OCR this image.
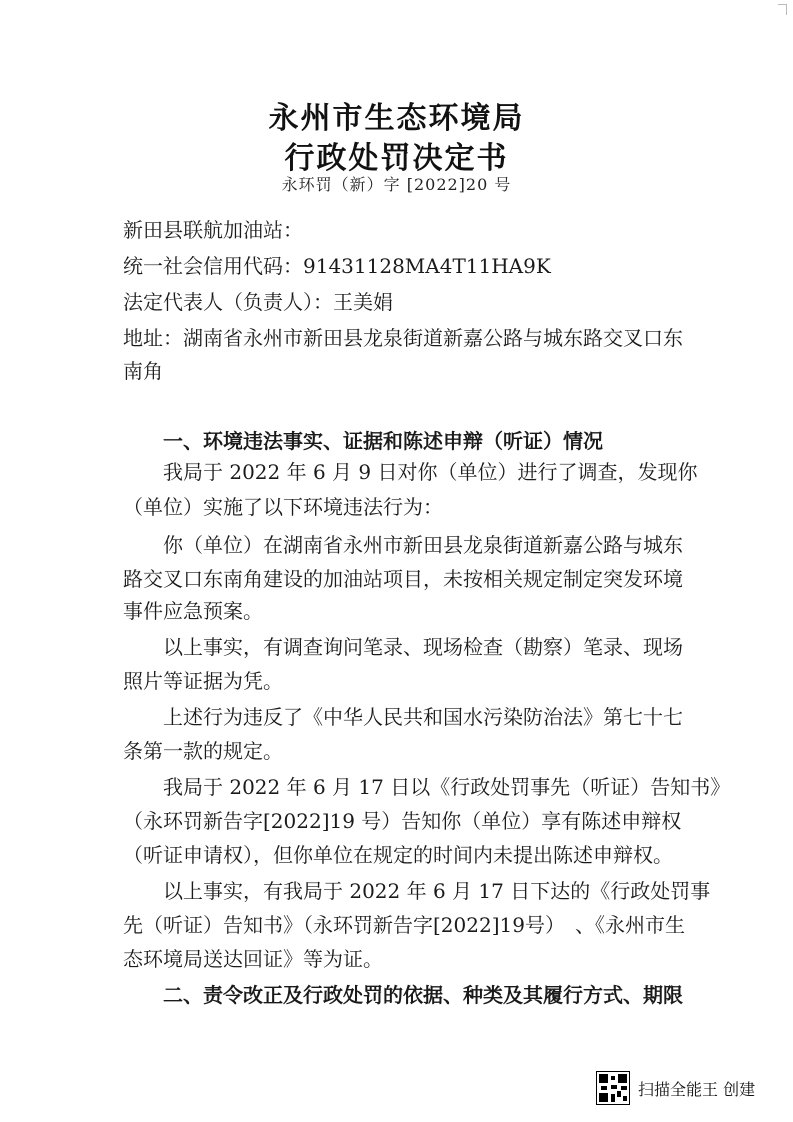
永州市生态环境局
行政处罚决定书
永环罚（新）字 [2022]20 号
新田县联航加油站：
统一社会信用代码：91431128MA4T11HA9K
法定代表人（负责人）：王美娟
地址：湖南省永州市新田县龙泉街道新嘉公路与城东路交叉口东
南角
一、环境违法事实、证据和陈述申辩（听证）情况
　　我局于 2022 年 6 月 9 日对你（单位）进行了调查，发现你
（单位）实施了以下环境违法行为：
　　你（单位）在湖南省永州市新田县龙泉街道新嘉公路与城东
路交叉口东南角建设的加油站项目，未按相关规定制定突发环境
事件应急预案。
　　以上事实，有调查询问笔录、现场检查（勘察）笔录、现场
照片等证据为凭。
　　上述行为违反了《中华人民共和国水污染防治法》第七十七
条第一款的规定。
　　我局于 2022 年 6 月 17 日以《行政处罚事先（听证）告知书》
（永环罚新告字[2022]19 号）告知你（单位）享有陈述申辩权
（听证申请权），但你单位在规定的时间内未提出陈述申辩权。
　　以上事实，有我局于 2022 年 6 月 17 日下达的《行政处罚事
先（听证）告知书》（永环罚新告字[2022]19号）　、《永州市生
态环境局送达回证》等为证。
二、责令改正及行政处罚的依据、种类及其履行方式、期限
扫描全能王 创建
